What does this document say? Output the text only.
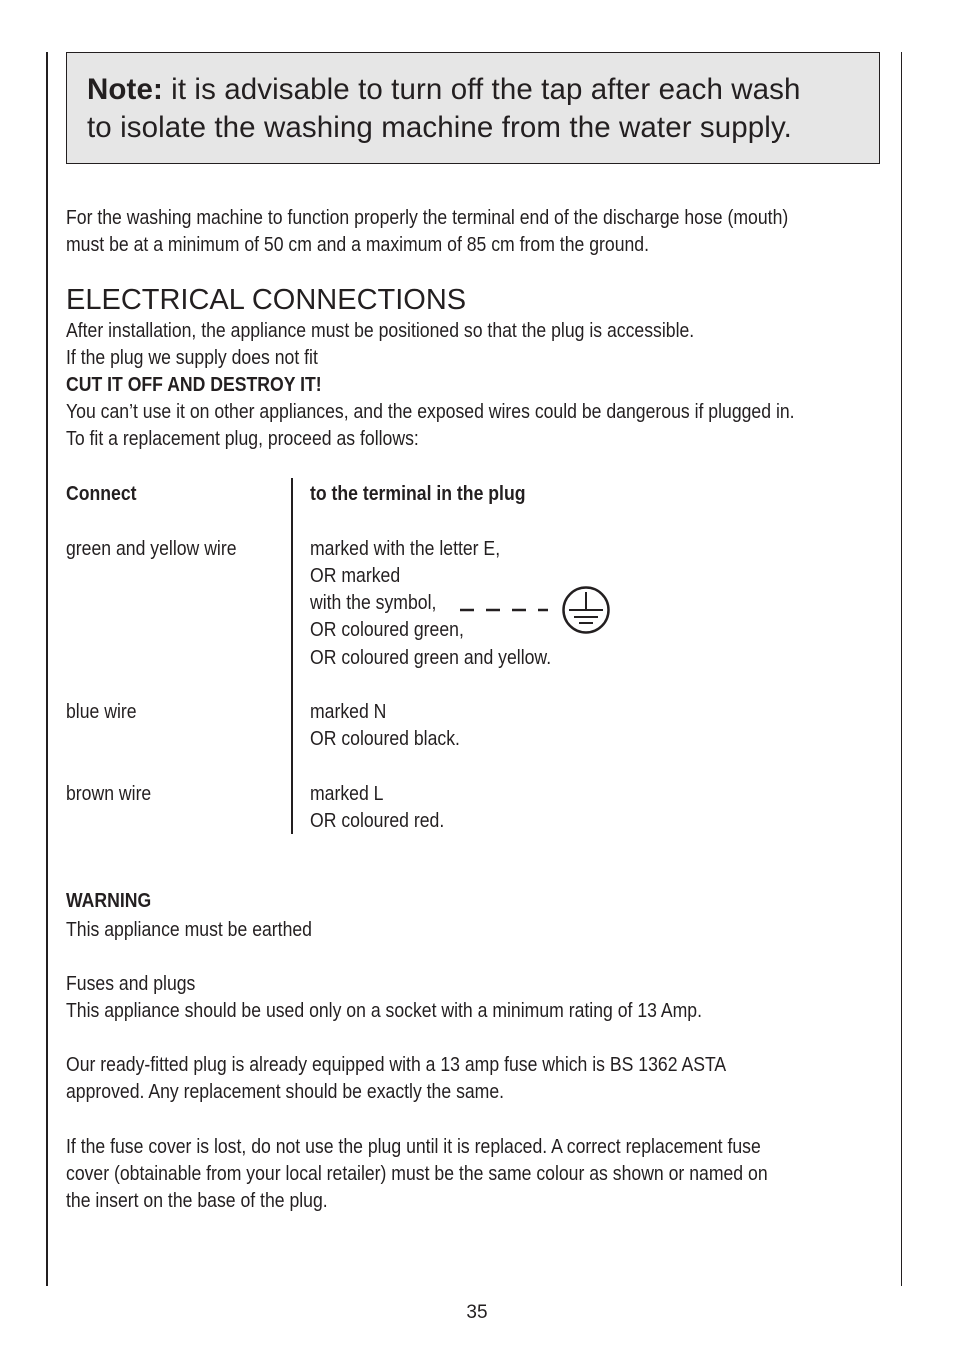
Note: it is advisable to turn off the tap after each wash
to isolate the washing machine from the water supply.
For the washing machine to function properly the terminal end of the discharge hose (mouth)
must be at a minimum of 50 cm and a maximum of 85 cm from the ground.
ELECTRICAL CONNECTIONS
After installation, the appliance must be positioned so that the plug is accessible.
If the plug we supply does not fit
CUT IT OFF AND DESTROY IT!
You can’t use it on other appliances, and the exposed wires could be dangerous if plugged in.
To fit a replacement plug, proceed as follows:
Connect	to the terminal in the plug
green and yellow wire	marked with the letter E,
OR marked
with the symbol,
OR coloured green,
OR coloured green and yellow.
blue wire	marked N
OR coloured black.
brown wire	marked L
OR coloured red.
WARNING
This appliance must be earthed
Fuses and plugs
This appliance should be used only on a socket with a minimum rating of 13 Amp.
Our ready-fitted plug is already equipped with a 13 amp fuse which is BS 1362 ASTA
approved. Any replacement should be exactly the same.
If the fuse cover is lost, do not use the plug until it is replaced. A correct replacement fuse
cover (obtainable from your local retailer) must be the same colour as shown or named on
the insert on the base of the plug.
35
